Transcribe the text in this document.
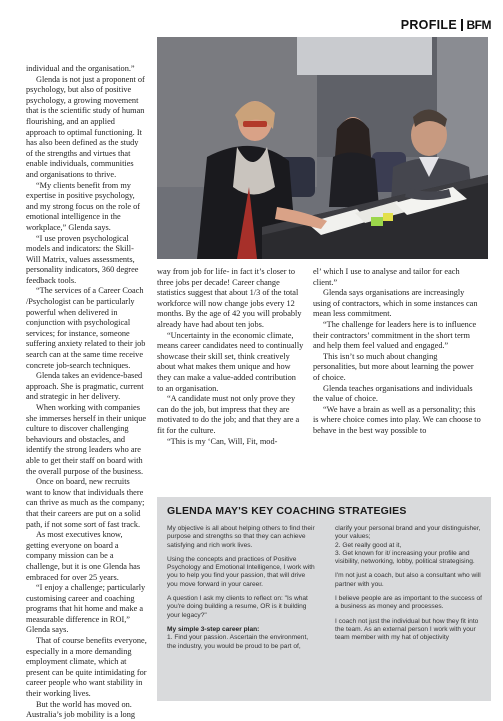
PROFILE BFM

individual and the organisation.”

Glenda is not just a proponent of psychology, but also of positive psychology, a growing movement that is the scientific study of human flourishing, and an applied approach to optimal functioning. It has also been defined as the study of the strengths and virtues that enable individuals, communities and organisations to thrive.

“My clients benefit from my expertise in positive psychology, and my strong focus on the role of emotional intelligence in the workplace,” Glenda says.

“I use proven psychological models and indicators: the Skill-Will Matrix, values assessments, personality indicators, 360 degree feedback tools.

“The services of a Career Coach /Psychologist can be particularly powerful when delivered in conjunction with psychological services; for instance, someone suffering anxiety related to their job search can at the same time receive concrete job-search techniques.

Glenda takes an evidence-based approach. She is pragmatic, current and strategic in her delivery.

When working with companies she immerses herself in their unique culture to discover challenging behaviours and obstacles, and identify the strong leaders who are able to get their staff on board with the overall purpose of the business.

Once on board, new recruits want to know that individuals there can thrive as much as the company; that their careers are put on a solid path, if not some sort of fast track.

As most executives know, getting everyone on board a company mission can be a challenge, but it is one Glenda has embraced for over 25 years.

“I enjoy a challenge; particularly customising career and coaching programs that hit home and make a measurable difference in ROI,” Glenda says.

That of course benefits everyone, especially in a more demanding employment climate, which at present can be quite intimidating for career people who want stability in their working lives.

But the world has moved on. Australia’s job mobility is a long

way from job for life- in fact it’s closer to three jobs per decade! Career change statistics suggest that about 1/3 of the total workforce will now change jobs every 12 months. By the age of 42 you will probably already have had about ten jobs.

“Uncertainty in the economic climate, means career candidates need to continually showcase their skill set, think creatively about what makes them unique and how they can make a value-added contribution to an organisation.

“A candidate must not only prove they can do the job, but impress that they are motivated to do the job; and that they are a fit for the culture.

“This is my ‘Can, Will, Fit, mod-

el’ which I use to analyse and tailor for each client.”

Glenda says organisations are increasingly using of contractors, which in some instances can mean less commitment.

“The challenge for leaders here is to influence their contractors’ commitment in the short term and help them feel valued and engaged.”

This isn’t so much about changing personalities, but more about learning the power of choice.

Glenda teaches organisations and individuals the value of choice.

“We have a brain as well as a personality; this is where choice comes into play. We can choose to behave in the best way possible to

GLENDA MAY'S KEY COACHING STRATEGIES

My objective is all about helping others to find their purpose and strengths so that they can achieve satisfying and rich work lives.

Using the concepts and practices of Positive Psychology and Emotional Intelligence, I work with you to help you find your passion, that will drive you move forward in your career.

A question I ask my clients to reflect on: "Is what you're doing building a resume, OR is it building your legacy?"

My simple 3-step career plan:

1. Find your passion. Ascertain the environment, the industry, you would be proud to be part of,

clarify your personal brand and your distinguisher, your values;

2. Get really good at it,

3. Get known for it/ increasing your profile and visibility, networking, lobby, political strategising.

I'm not just a coach, but also a consultant who will partner with you.

I believe people are as important to the success of a business as money and processes.

I coach not just the individual but how they fit into the team. As an external person I work with your team member with my hat of objectivity
